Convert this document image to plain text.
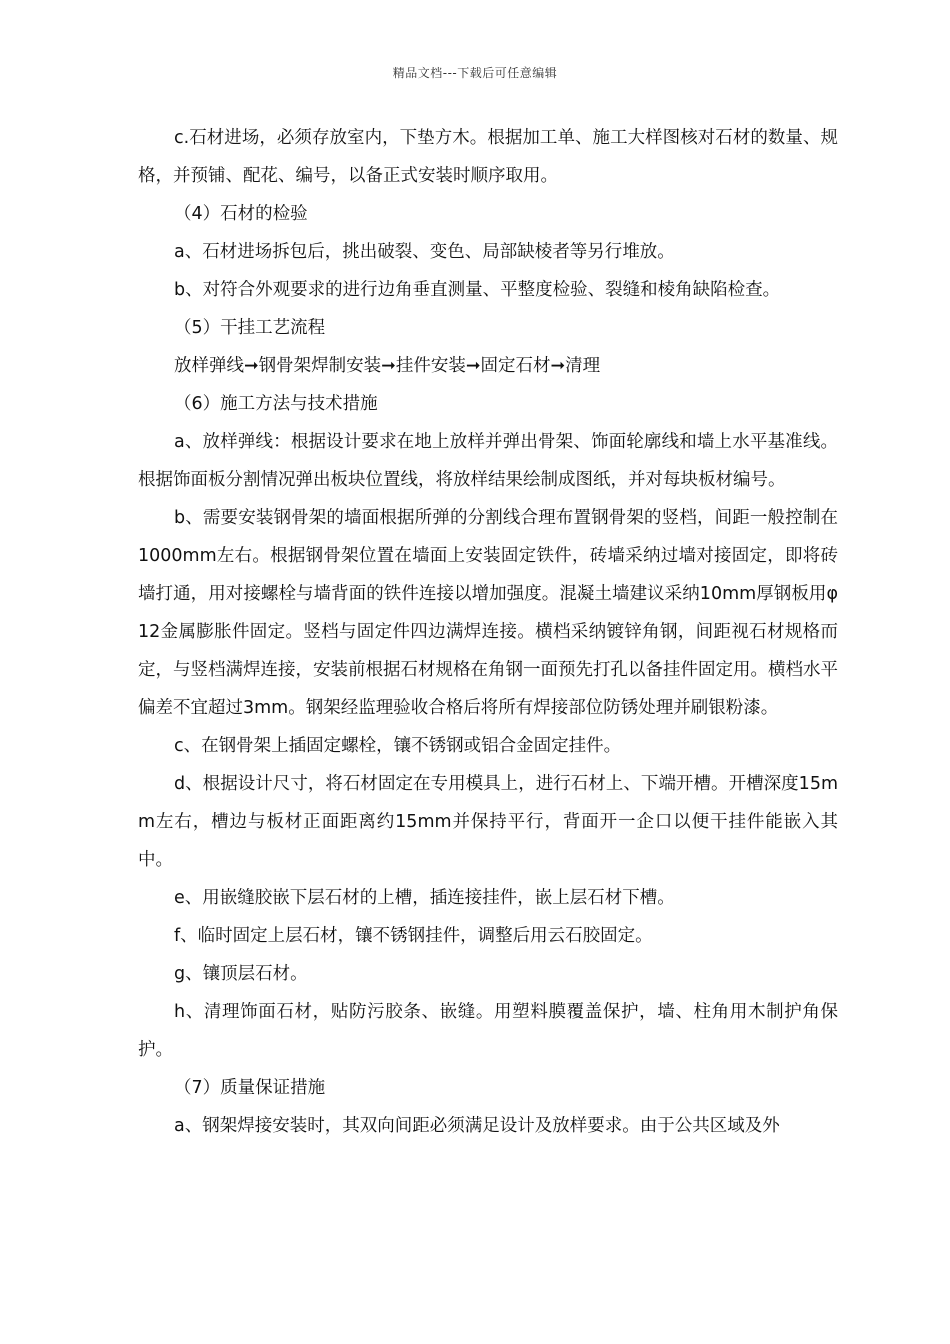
精品文档---下载后可任意编辑

c.石材进场，必须存放室内，下垫方木。根据加工单、施工大样图核对石材的数量、规格，并预铺、配花、编号，以备正式安装时顺序取用。

（4）石材的检验

a、石材进场拆包后，挑出破裂、变色、局部缺棱者等另行堆放。

b、对符合外观要求的进行边角垂直测量、平整度检验、裂缝和棱角缺陷检查。

（5）干挂工艺流程

放样弹线➞钢骨架焊制安装➞挂件安装➞固定石材➞清理

（6）施工方法与技术措施

a、放样弹线：根据设计要求在地上放样并弹出骨架、饰面轮廓线和墙上水平基准线。根据饰面板分割情况弹出板块位置线，将放样结果绘制成图纸，并对每块板材编号。

b、需要安装钢骨架的墙面根据所弹的分割线合理布置钢骨架的竖档，间距一般控制在1000mm左右。根据钢骨架位置在墙面上安装固定铁件，砖墙采纳过墙对接固定，即将砖墙打通，用对接螺栓与墙背面的铁件连接以增加强度。混凝土墙建议采纳10mm厚钢板用φ12金属膨胀件固定。竖档与固定件四边满焊连接。横档采纳镀锌角钢，间距视石材规格而定，与竖档满焊连接，安装前根据石材规格在角钢一面预先打孔以备挂件固定用。横档水平偏差不宜超过3mm。钢架经监理验收合格后将所有焊接部位防锈处理并刷银粉漆。

c、在钢骨架上插固定螺栓，镶不锈钢或铝合金固定挂件。

d、根据设计尺寸，将石材固定在专用模具上，进行石材上、下端开槽。开槽深度15mm左右，槽边与板材正面距离约15mm并保持平行，背面开一企口以便干挂件能嵌入其中。

e、用嵌缝胶嵌下层石材的上槽，插连接挂件，嵌上层石材下槽。

f、临时固定上层石材，镶不锈钢挂件，调整后用云石胶固定。

g、镶顶层石材。

h、清理饰面石材，贴防污胶条、嵌缝。用塑料膜覆盖保护，墙、柱角用木制护角保护。

（7）质量保证措施

a、钢架焊接安装时，其双向间距必须满足设计及放样要求。由于公共区域及外
